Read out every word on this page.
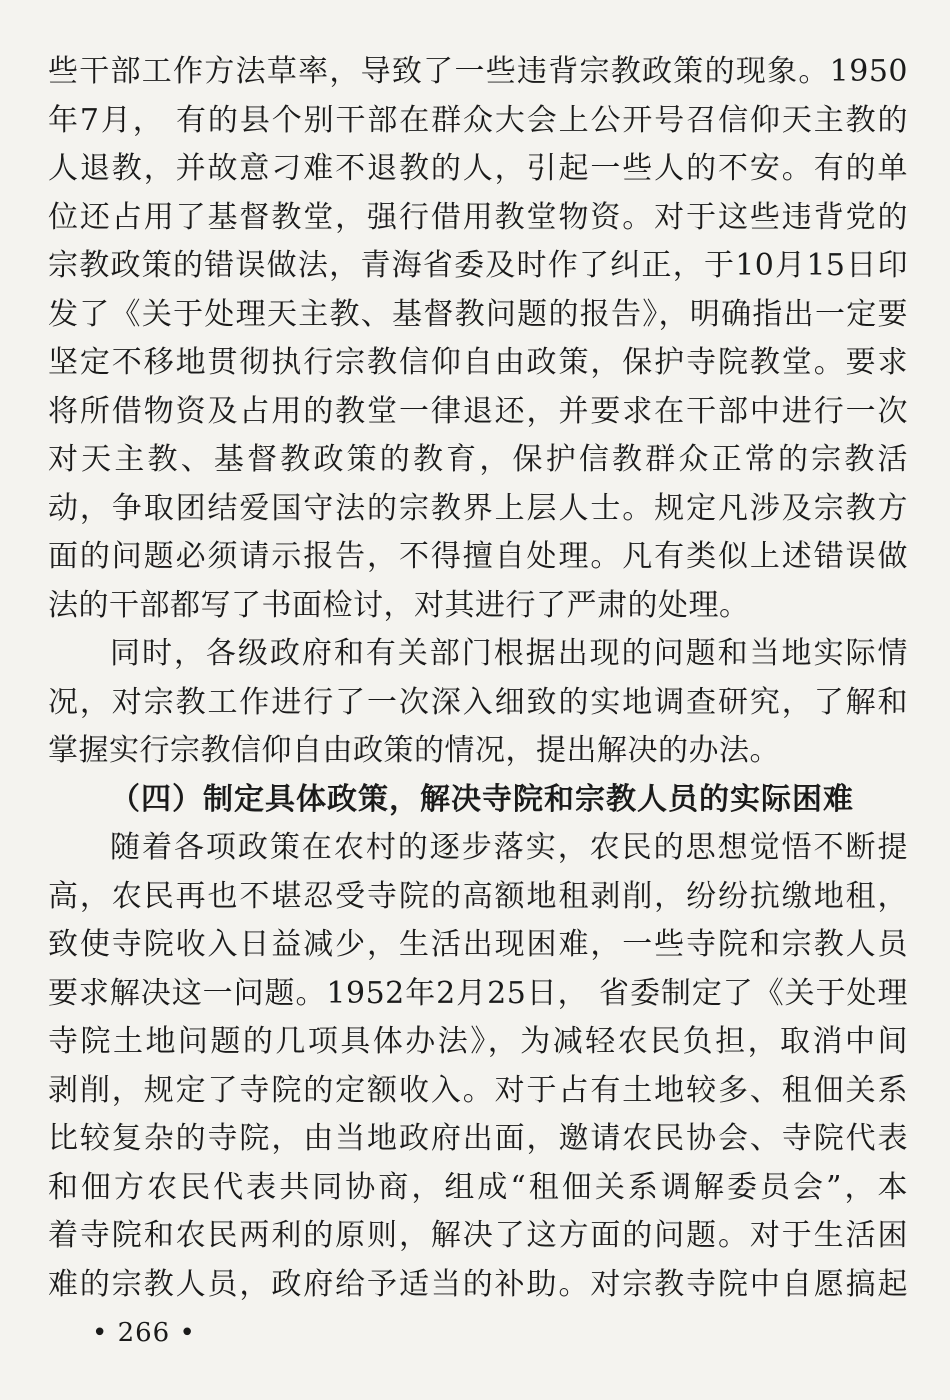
些干部工作方法草率，导致了一些违背宗教政策的现象。1950
年7月， 有的县个别干部在群众大会上公开号召信仰天主教的
人退教，并故意刁难不退教的人，引起一些人的不安。有的单
位还占用了基督教堂，强行借用教堂物资。对于这些违背党的
宗教政策的错误做法，青海省委及时作了纠正，于10月15日印
发了《关于处理天主教、基督教问题的报告》，明确指出一定要
坚定不移地贯彻执行宗教信仰自由政策，保护寺院教堂。要求
将所借物资及占用的教堂一律退还，并要求在干部中进行一次
对天主教、基督教政策的教育，保护信教群众正常的宗教活
动，争取团结爱国守法的宗教界上层人士。规定凡涉及宗教方
面的问题必须请示报告，不得擅自处理。凡有类似上述错误做
法的干部都写了书面检讨，对其进行了严肃的处理。
同时，各级政府和有关部门根据出现的问题和当地实际情
况，对宗教工作进行了一次深入细致的实地调查研究，了解和
掌握实行宗教信仰自由政策的情况，提出解决的办法。
（四）制定具体政策，解决寺院和宗教人员的实际困难
随着各项政策在农村的逐步落实，农民的思想觉悟不断提
高，农民再也不堪忍受寺院的高额地租剥削，纷纷抗缴地租，
致使寺院收入日益减少，生活出现困难，一些寺院和宗教人员
要求解决这一问题。1952年2月25日， 省委制定了《关于处理
寺院土地问题的几项具体办法》，为减轻农民负担，取消中间
剥削，规定了寺院的定额收入。对于占有土地较多、租佃关系
比较复杂的寺院，由当地政府出面，邀请农民协会、寺院代表
和佃方农民代表共同协商，组成“租佃关系调解委员会”，本
着寺院和农民两利的原则，解决了这方面的问题。对于生活困
难的宗教人员，政府给予适当的补助。对宗教寺院中自愿搞起
• 266 •
